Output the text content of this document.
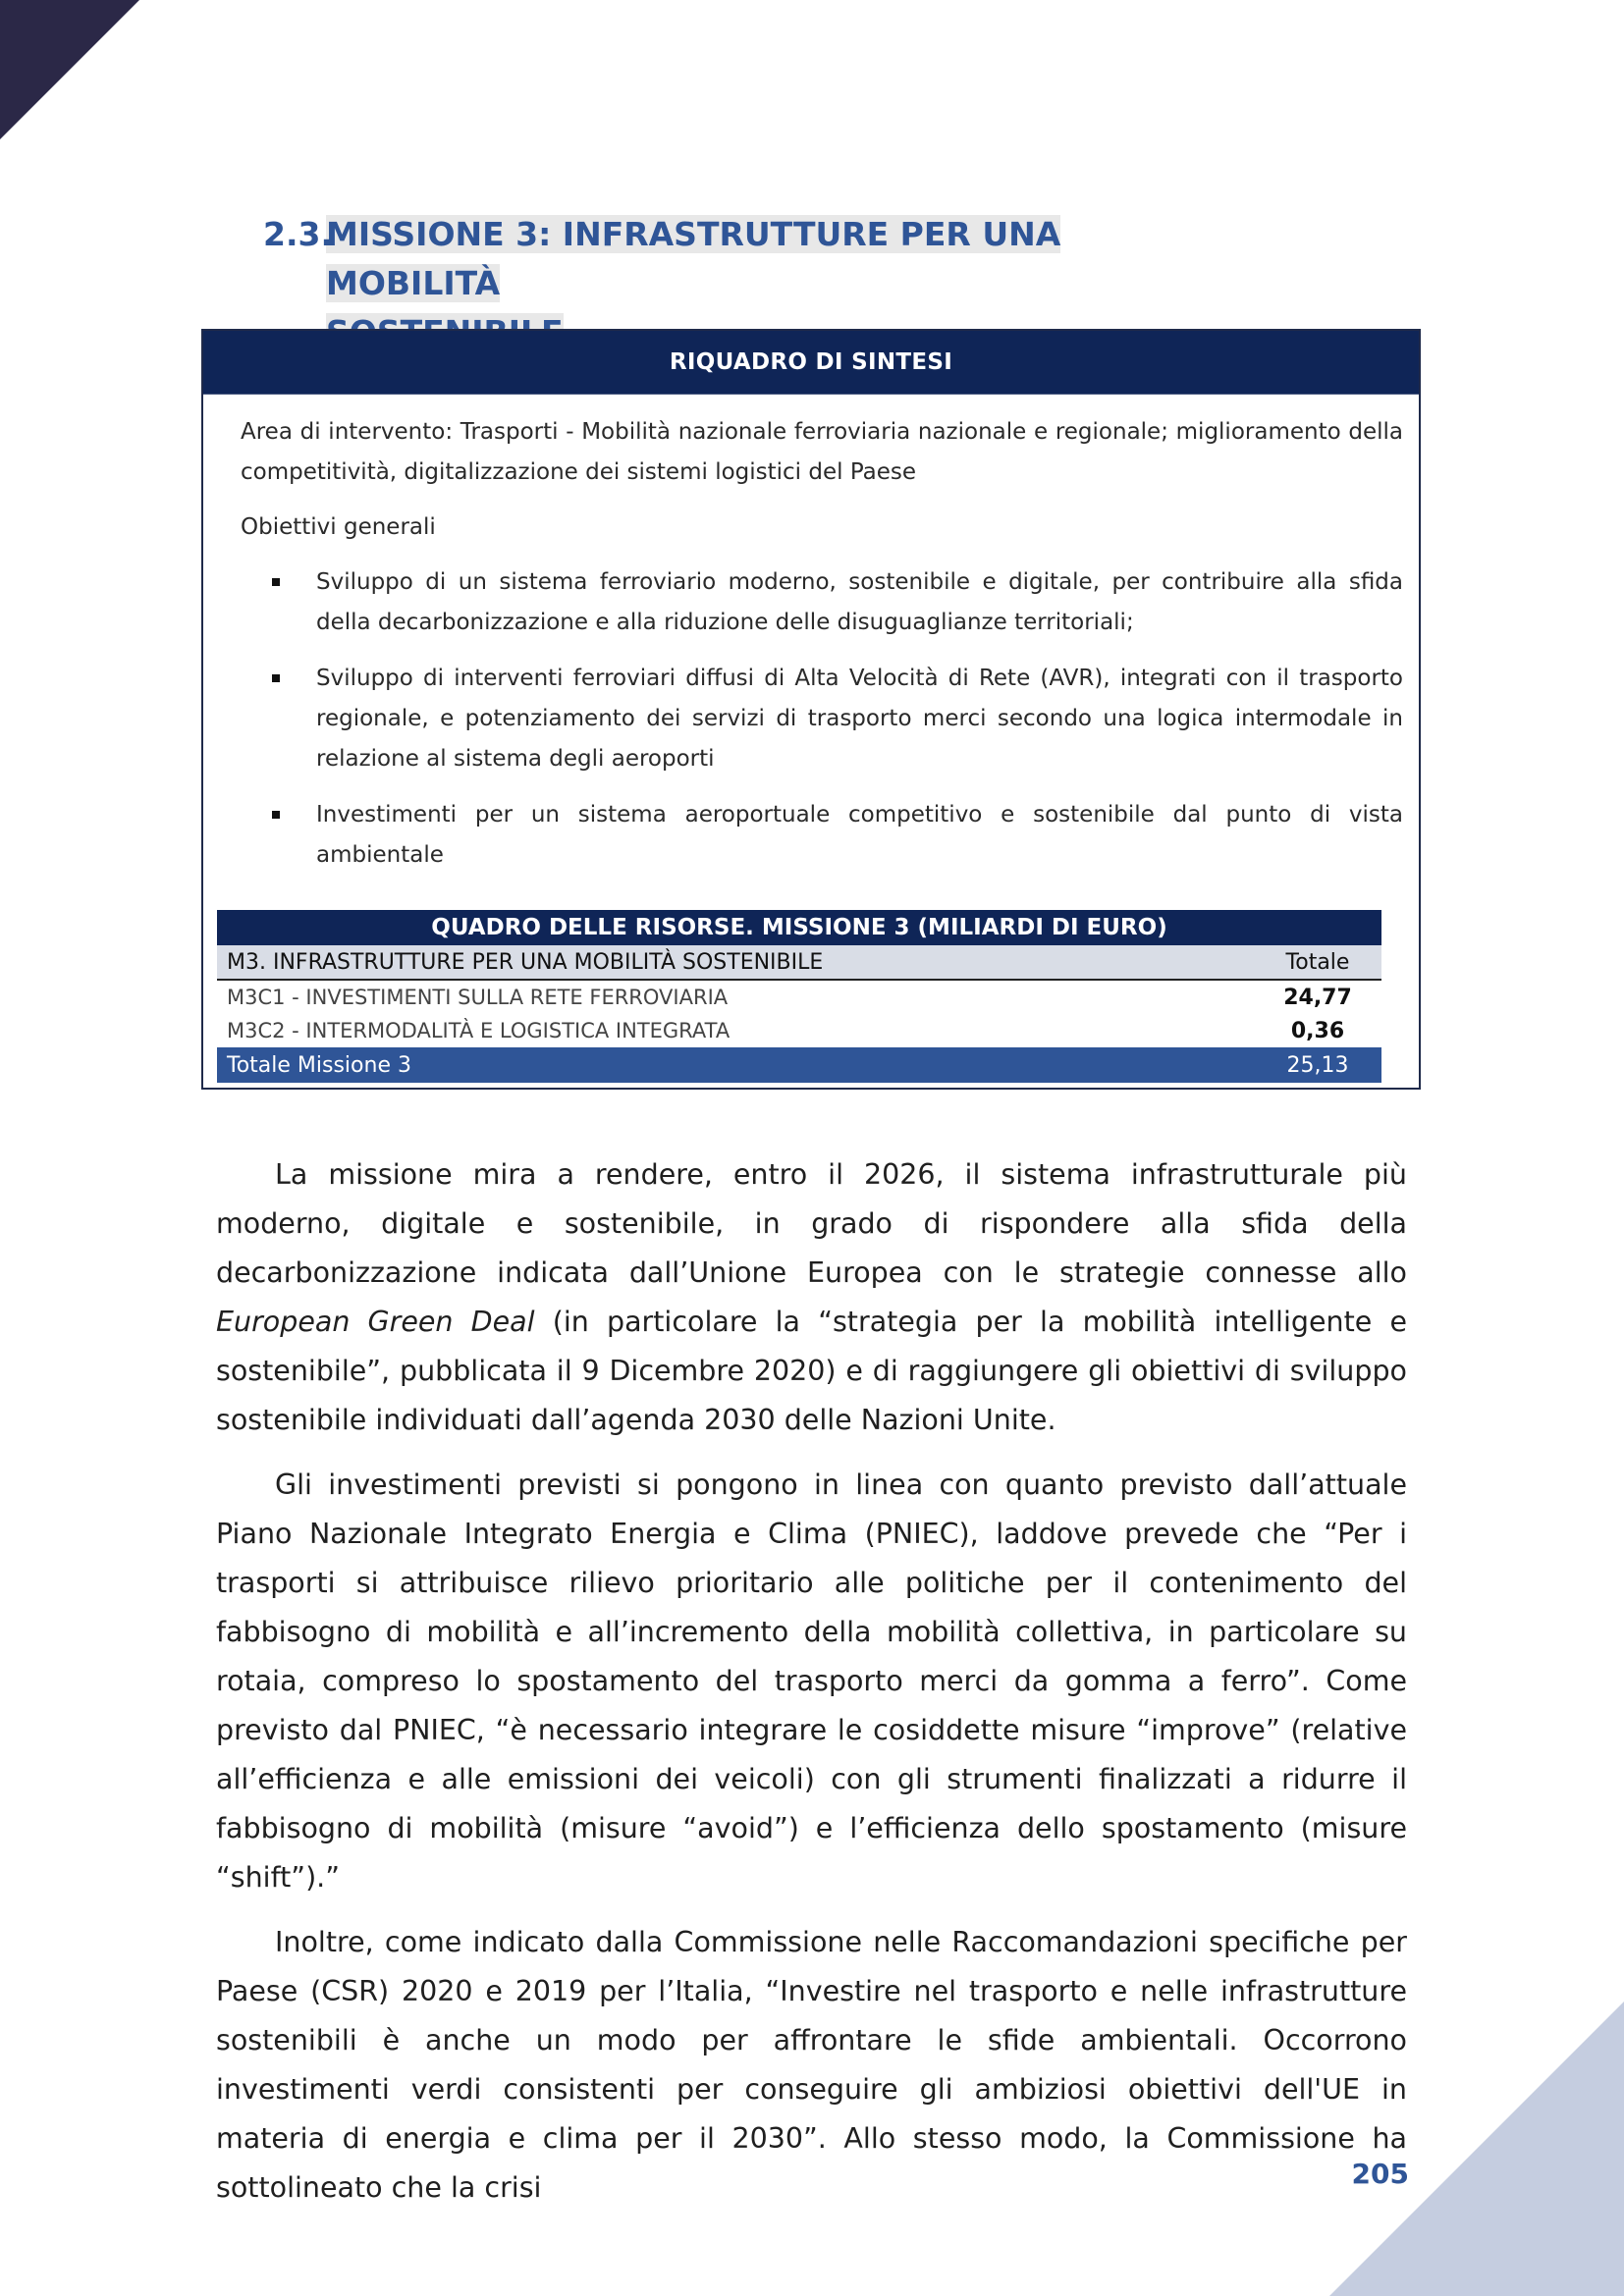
2.3.
MISSIONE 3: INFRASTRUTTURE PER UNA MOBILITÀ

RIQUADRO DI SINTESI

Area di intervento: Trasporti - Mobilità nazionale ferroviaria nazionale e regionale; miglioramento della competitività, digitalizzazione dei sistemi logistici del Paese

Obiettivi generali

Sviluppo di un sistema ferroviario moderno, sostenibile e digitale, per contribuire alla sfida della decarbonizzazione e alla riduzione delle disuguaglianze territoriali;
Sviluppo di interventi ferroviari diffusi di Alta Velocità di Rete (AVR), integrati con il trasporto regionale, e potenziamento dei servizi di trasporto merci secondo una logica intermodale in relazione al sistema degli aeroporti
Investimenti per un sistema aeroportuale competitivo e sostenibile dal punto di vista ambientale
QUADRO DELLE RISORSE. MISSIONE 3 (MILIARDI DI EURO)	
M3. INFRASTRUTTURE PER UNA MOBILITÀ SOSTENIBILE	Totale
M3C1 - INVESTIMENTI SULLA RETE FERROVIARIA	24,77
M3C2 - INTERMODALITÀ E LOGISTICA INTEGRATA	0,36
Totale Missione 3	25,13

La missione mira a rendere, entro il 2026, il sistema infrastrutturale più moderno, digitale e sostenibile, in grado di rispondere alla sfida della decarbonizzazione indicata dall’Unione Europea con le strategie connesse allo European Green Deal (in particolare la “strategia per la mobilità intelligente e sostenibile”, pubblicata il 9 Dicembre 2020) e di raggiungere gli obiettivi di sviluppo sostenibile individuati dall’agenda 2030 delle Nazioni Unite.

Gli investimenti previsti si pongono in linea con quanto previsto dall’attuale Piano Nazionale Integrato Energia e Clima (PNIEC), laddove prevede che “Per i trasporti si attribuisce rilievo prioritario alle politiche per il contenimento del fabbisogno di mobilità e all’incremento della mobilità collettiva, in particolare su rotaia, compreso lo spostamento del trasporto merci da gomma a ferro”. Come previsto dal PNIEC, “è necessario integrare le cosiddette misure “improve” (relative all’efficienza e alle emissioni dei veicoli) con gli strumenti finalizzati a ridurre il fabbisogno di mobilità (misure “avoid”) e l’efficienza dello spostamento (misure “shift”).”

Inoltre, come indicato dalla Commissione nelle Raccomandazioni specifiche per Paese (CSR) 2020 e 2019 per l’Italia, “Investire nel trasporto e nelle infrastrutture sostenibili è anche un modo per affrontare le sfide ambientali. Occorrono investimenti verdi consistenti per conseguire gli ambiziosi obiettivi dell'UE in materia di energia e clima per il 2030”. Allo stesso modo, la Commissione ha sottolineato che la crisi	205
